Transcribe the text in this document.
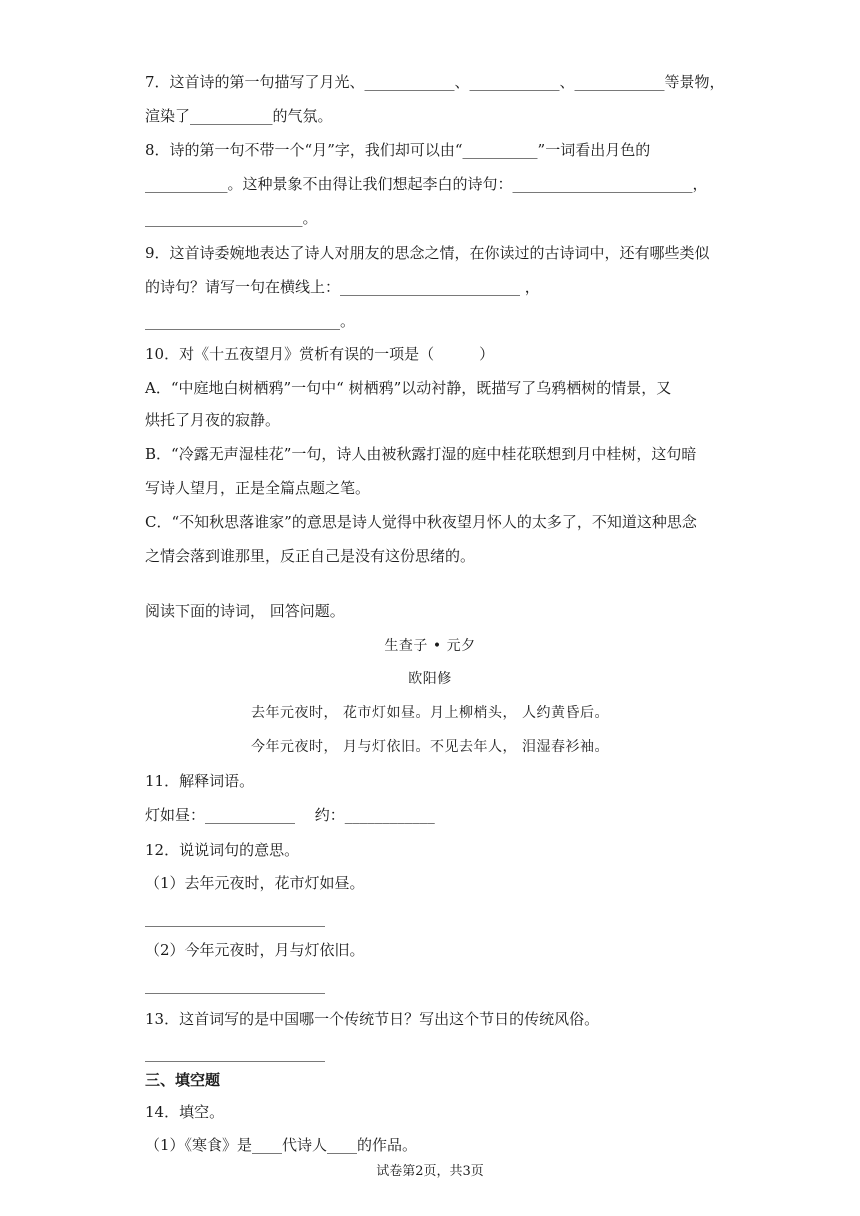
7．这首诗的第一句描写了月光、____________、____________、____________等景物，
渲染了___________的气氛。
8．诗的第一句不带一个“月”字，我们却可以由“__________”一词看出月色的
___________。这种景象不由得让我们想起李白的诗句：________________________，
_____________________。
9．这首诗委婉地表达了诗人对朋友的思念之情，在你读过的古诗词中，还有哪些类似
的诗句？请写一句在横线上：________________________ ，
__________________________。
10．对《十五夜望月》赏析有误的一项是（　　　）
A．“中庭地白树栖鸦”一句中“ 树栖鸦”以动衬静，既描写了乌鸦栖树的情景，又
烘托了月夜的寂静。
B．“冷露无声湿桂花”一句，诗人由被秋露打湿的庭中桂花联想到月中桂树，这句暗
写诗人望月，正是全篇点题之笔。
C．“不知秋思落谁家”的意思是诗人觉得中秋夜望月怀人的太多了，不知道这种思念
之情会落到谁那里，反正自己是没有这份思绪的。
阅读下面的诗词， 回答问题。
生查子 • 元夕
欧阳修
去年元夜时， 花市灯如昼。月上柳梢头， 人约黄昏后。
今年元夜时， 月与灯依旧。不见去年人， 泪湿春衫袖。
11．解释词语。
灯如昼：____________　 约：____________
12．说说词句的意思。
（1）去年元夜时，花市灯如昼。
________________________
（2）今年元夜时，月与灯依旧。
________________________
13．这首词写的是中国哪一个传统节日？写出这个节日的传统风俗。
________________________
三、填空题
14．填空。
（1）《寒食》是____代诗人____的作品。
试卷第2页，共3页
